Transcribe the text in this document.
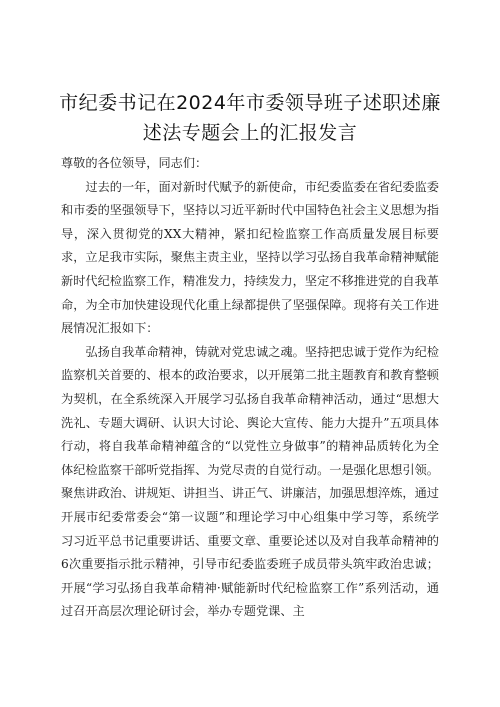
市纪委书记在2024年市委领导班子述职述廉
述法专题会上的汇报发言

尊敬的各位领导，同志们：

过去的一年，面对新时代赋予的新使命，市纪委监委在省纪委监委和市委的坚强领导下，坚持以习近平新时代中国特色社会主义思想为指导，深入贯彻党的XX大精神，紧扣纪检监察工作高质量发展目标要求，立足我市实际，聚焦主责主业，坚持以学习弘扬自我革命精神赋能新时代纪检监察工作，精准发力，持续发力，坚定不移推进党的自我革命，为全市加快建设现代化重上绿都提供了坚强保障。现将有关工作进展情况汇报如下：

弘扬自我革命精神，铸就对党忠诚之魂。坚持把忠诚于党作为纪检监察机关首要的、根本的政治要求，以开展第二批主题教育和教育整顿为契机，在全系统深入开展学习弘扬自我革命精神活动，通过“思想大洗礼、专题大调研、认识大讨论、舆论大宣传、能力大提升”五项具体行动，将自我革命精神蕴含的“以党性立身做事”的精神品质转化为全体纪检监察干部听党指挥、为党尽责的自觉行动。一是强化思想引领。聚焦讲政治、讲规矩、讲担当、讲正气、讲廉洁，加强思想淬炼，通过开展市纪委常委会“第一议题”和理论学习中心组集中学习等，系统学习习近平总书记重要讲话、重要文章、重要论述以及对自我革命精神的6次重要指示批示精神，引导市纪委监委班子成员带头筑牢政治忠诚；开展“学习弘扬自我革命精神·赋能新时代纪检监察工作”系列活动，通过召开高层次理论研讨会，举办专题党课、主
